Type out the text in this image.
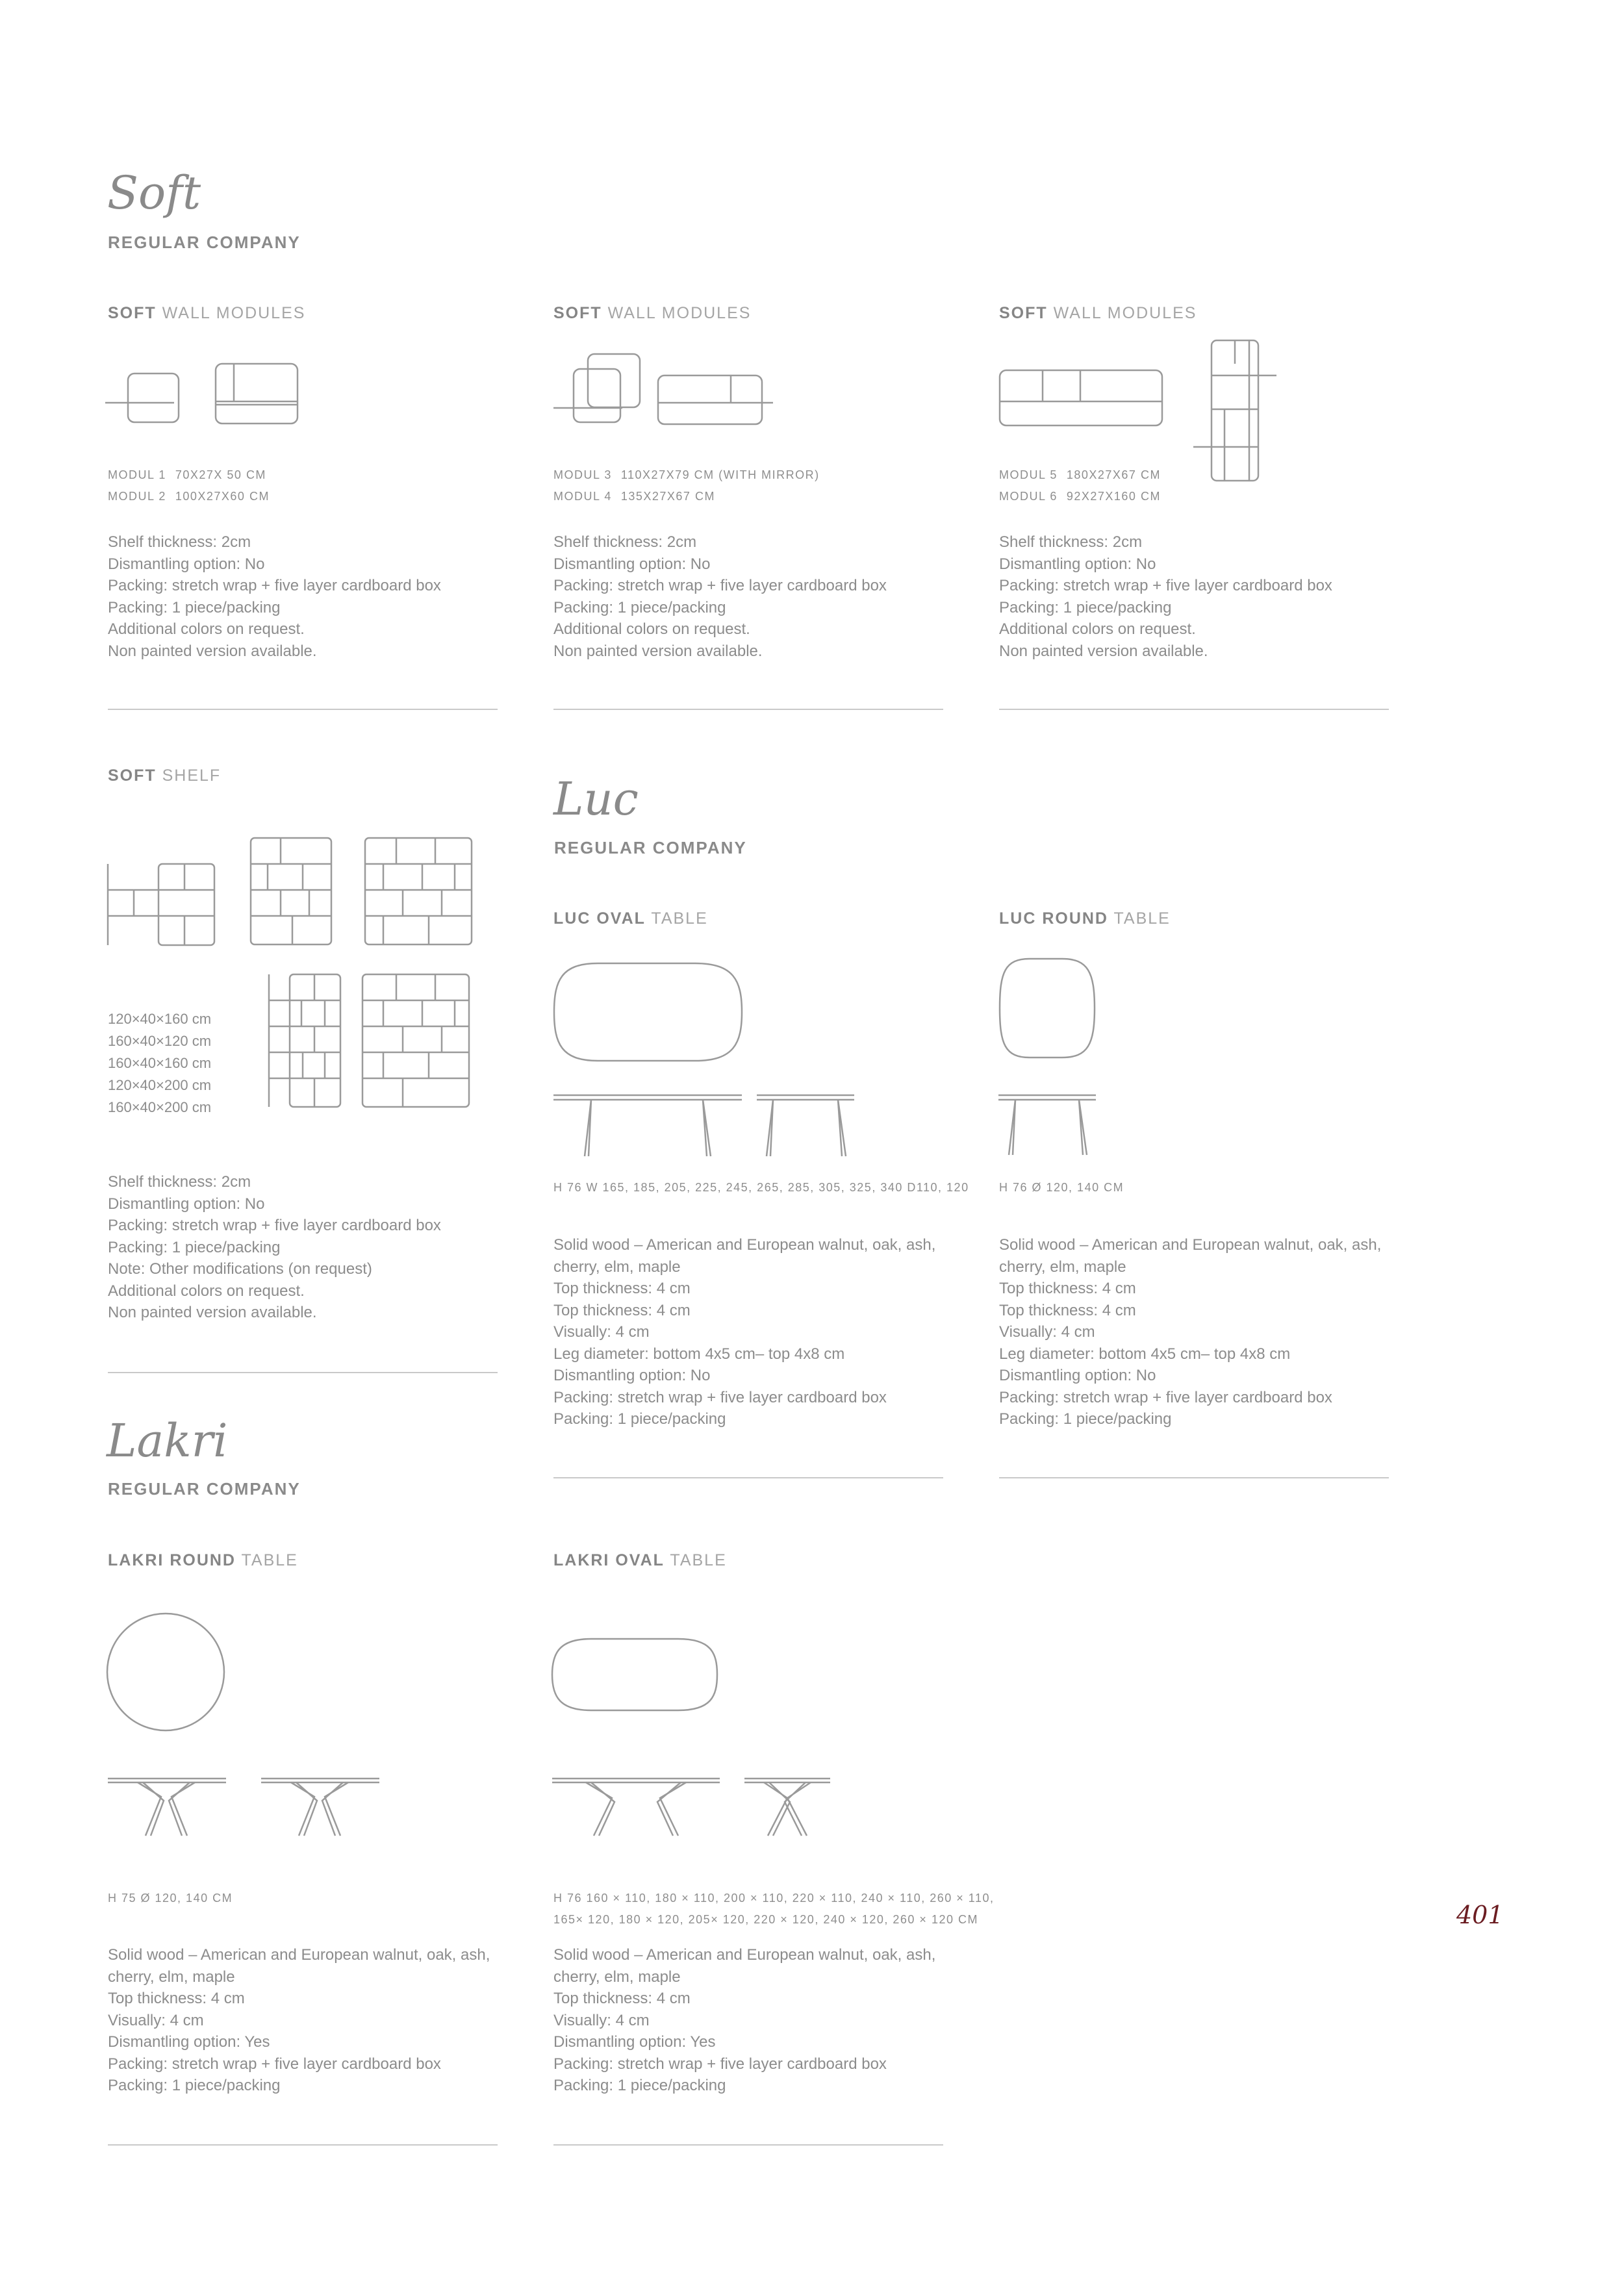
Soft
REGULAR COMPANY
SOFT WALL MODULES
MODUL 1 70X27X 50 CM
MODUL 2 100X27X60 CM
Shelf thickness: 2cm
Dismantling option: No
Packing: stretch wrap + five layer cardboard box
Packing: 1 piece/packing
Additional colors on request.
Non painted version available.
SOFT WALL MODULES
MODUL 3 110X27X79 CM (WITH MIRROR)
MODUL 4 135X27X67 CM
Shelf thickness: 2cm
Dismantling option: No
Packing: stretch wrap + five layer cardboard box
Packing: 1 piece/packing
Additional colors on request.
Non painted version available.
SOFT WALL MODULES
MODUL 5 180X27X67 CM
MODUL 6 92X27X160 CM
Shelf thickness: 2cm
Dismantling option: No
Packing: stretch wrap + five layer cardboard box
Packing: 1 piece/packing
Additional colors on request.
Non painted version available.
SOFT SHELF
120×40×160 cm
160×40×120 cm
160×40×160 cm
120×40×200 cm
160×40×200 cm
Shelf thickness: 2cm
Dismantling option: No
Packing: stretch wrap + five layer cardboard box
Packing: 1 piece/packing
Note: Other modifications (on request)
Additional colors on request.
Non painted version available.
Luc
REGULAR COMPANY
LUC OVAL TABLE
H 76 W 165, 185, 205, 225, 245, 265, 285, 305, 325, 340 D110, 120
Solid wood – American and European walnut, oak, ash,
cherry, elm, maple
Top thickness: 4 cm
Top thickness: 4 cm
Visually: 4 cm
Leg diameter: bottom 4x5 cm– top 4x8 cm
Dismantling option: No
Packing: stretch wrap + five layer cardboard box
Packing: 1 piece/packing
LUC ROUND TABLE
H 76 Ø 120, 140 CM
Solid wood – American and European walnut, oak, ash,
cherry, elm, maple
Top thickness: 4 cm
Top thickness: 4 cm
Visually: 4 cm
Leg diameter: bottom 4x5 cm– top 4x8 cm
Dismantling option: No
Packing: stretch wrap + five layer cardboard box
Packing: 1 piece/packing
Lakri
REGULAR COMPANY
LAKRI ROUND TABLE
H 75 Ø 120, 140 CM
Solid wood – American and European walnut, oak, ash,
cherry, elm, maple
Top thickness: 4 cm
Visually: 4 cm
Dismantling option: Yes
Packing: stretch wrap + five layer cardboard box
Packing: 1 piece/packing
LAKRI OVAL TABLE
H 76 160 × 110, 180 × 110, 200 × 110, 220 × 110, 240 × 110, 260 × 110,
165× 120, 180 × 120, 205× 120, 220 × 120, 240 × 120, 260 × 120 CM
Solid wood – American and European walnut, oak, ash,
cherry, elm, maple
Top thickness: 4 cm
Visually: 4 cm
Dismantling option: Yes
Packing: stretch wrap + five layer cardboard box
Packing: 1 piece/packing
401
